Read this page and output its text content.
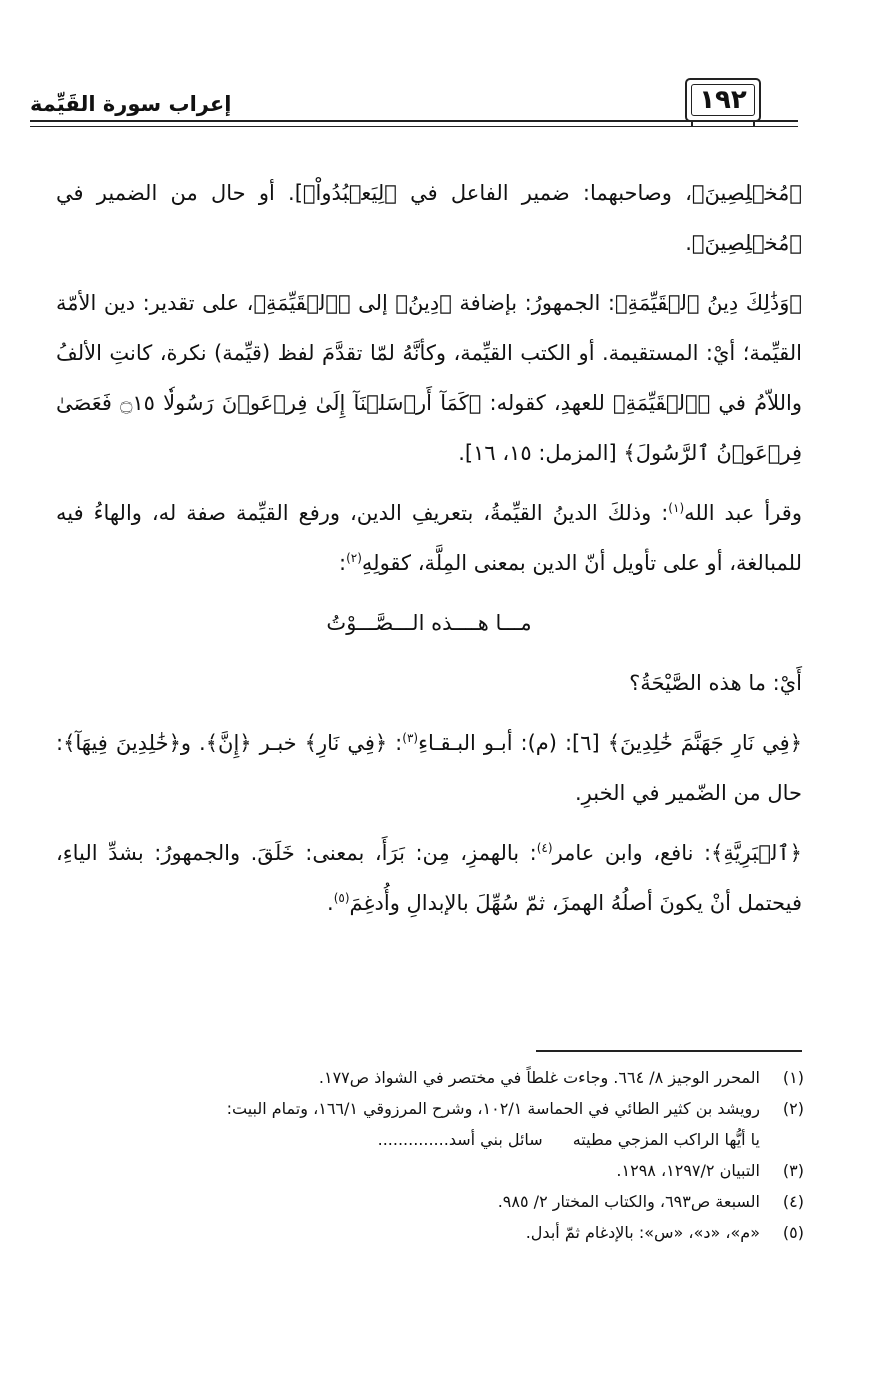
إعراب سورة القَيِّمة	١٩٢

﴿مُخۡلِصِينَ﴾، وصاحبهما: ضمير الفاعل في ﴿لِيَعۡبُدُواْ﴾]. أو حال من الضمير في ﴿مُخۡلِصِينَ﴾.

﴿وَذَٰلِكَ دِينُ ٱلۡقَيِّمَةِ﴾: الجمهورُ: بإضافة ﴿دِينُ﴾ إلى ﴿ٱلۡقَيِّمَةِ﴾، على تقدير: دين الأمّة القيِّمة؛ أيْ: المستقيمة. أو الكتب القيِّمة، وكأنَّهُ لمّا تقدَّمَ لفظ (قيِّمة) نكرة، كانتِ الألفُ واللاّمُ في ﴿ٱلۡقَيِّمَةِ﴾ للعهدِ، كقوله: ﴿كَمَآ أَرۡسَلۡنَآ إِلَىٰ فِرۡعَوۡنَ رَسُولٗا ۝١٥ فَعَصَىٰ فِرۡعَوۡنُ ٱلرَّسُولَ﴾ [المزمل: ١٥، ١٦].

وقرأ عبد الله$^{(١)}$: وذلكَ الدينُ القيِّمةُ، بتعريفِ الدين، ورفع القيِّمة صفة له، والهاءُ فيه للمبالغة، أو على تأويل أنّ الدين بمعنى المِلَّة، كقولِهِ$^{(٢)}$:

مـــا هــــذه الـــصَّـــوْتُ

أَيْ: ما هذه الصَّيْحَةُ؟

﴿فِي نَارِ جَهَنَّمَ خَٰلِدِينَ﴾ [٦]: (م): أبـو البـقـاءِ$^{(٣)}$: ﴿فِي نَارِ﴾ خبـر ﴿إِنَّ﴾. و﴿خَٰلِدِينَ فِيهَآ﴾: حال من الضّمير في الخبرِ.

﴿ٱلۡبَرِيَّةِ﴾: نافع، وابن عامر$^{(٤)}$: بالهمزِ، مِن: بَرَأَ، بمعنى: خَلَقَ. والجمهورُ: بشدِّ الياءِ، فيحتمل أنْ يكونَ أصلُهُ الهمزَ، ثمّ سُهِّلَ بالإبدالِ وأُدغِمَ$^{(٥)}$.

(١)
المحرر الوجيز ٨/ ٦٦٤. وجاءت غلطاً في مختصر في الشواذ ص١٧٧.
(٢)
رويشد بن كثير الطائي في الحماسة ١٠٢/١، وشرح المرزوقي ١٦٦/١، وتمام البيت:
يا أيُّها الراكب المزجي مطيته
سائل بني أسد..............
(٣)
التبيان ١٢٩٧/٢، ١٢٩٨.
(٤)
السبعة ص٦٩٣، والكتاب المختار ٢/ ٩٨٥.
(٥)
«م»، «د»، «س»: بالإدغام ثمّ أبدل.
